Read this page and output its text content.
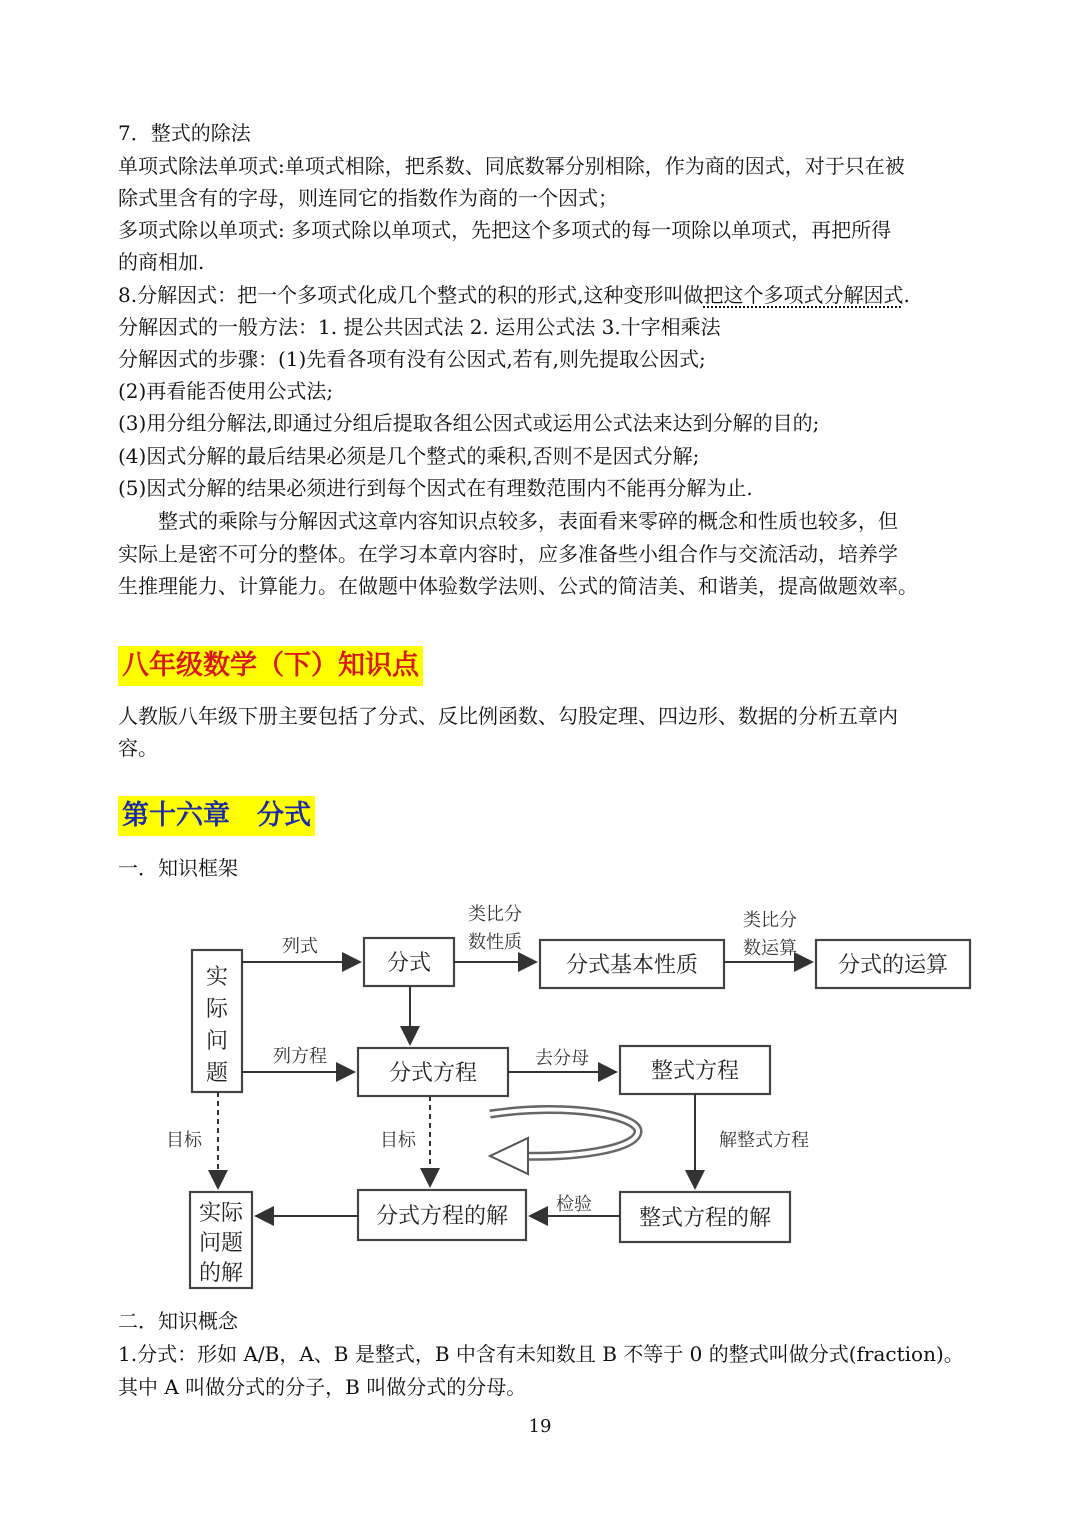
7．整式的除法
单项式除法单项式:单项式相除，把系数、同底数幂分别相除，作为商的因式，对于只在被
除式里含有的字母，则连同它的指数作为商的一个因式；
多项式除以单项式: 多项式除以单项式，先把这个多项式的每一项除以单项式，再把所得
的商相加.
8.分解因式：把一个多项式化成几个整式的积的形式,这种变形叫做把这个多项式分解因式.
分解因式的一般方法：1. 提公共因式法 2. 运用公式法 3.十字相乘法
分解因式的步骤：(1)先看各项有没有公因式,若有,则先提取公因式;
(2)再看能否使用公式法;
(3)用分组分解法,即通过分组后提取各组公因式或运用公式法来达到分解的目的;
(4)因式分解的最后结果必须是几个整式的乘积,否则不是因式分解;
(5)因式分解的结果必须进行到每个因式在有理数范围内不能再分解为止.
整式的乘除与分解因式这章内容知识点较多，表面看来零碎的概念和性质也较多，但
实际上是密不可分的整体。在学习本章内容时，应多准备些小组合作与交流活动，培养学
生推理能力、计算能力。在做题中体验数学法则、公式的简洁美、和谐美，提高做题效率。
八年级数学（下）知识点
人教版八年级下册主要包括了分式、反比例函数、勾股定理、四边形、数据的分析五章内
容。
第十六章　分式
一．知识框架
实
际
问
题
分式	分式基本性质	分式的运算
分式方程	整式方程
分式方程的解	整式方程的解
实际
问题
的解
列式
类比分
数性质
类比分
数运算
列方程	去分母
目标	目标	解整式方程
检验
二．知识概念
1.分式：形如 A/B，A、B 是整式，B 中含有未知数且 B 不等于 0 的整式叫做分式(fraction)。
其中 A 叫做分式的分子，B 叫做分式的分母。
19
